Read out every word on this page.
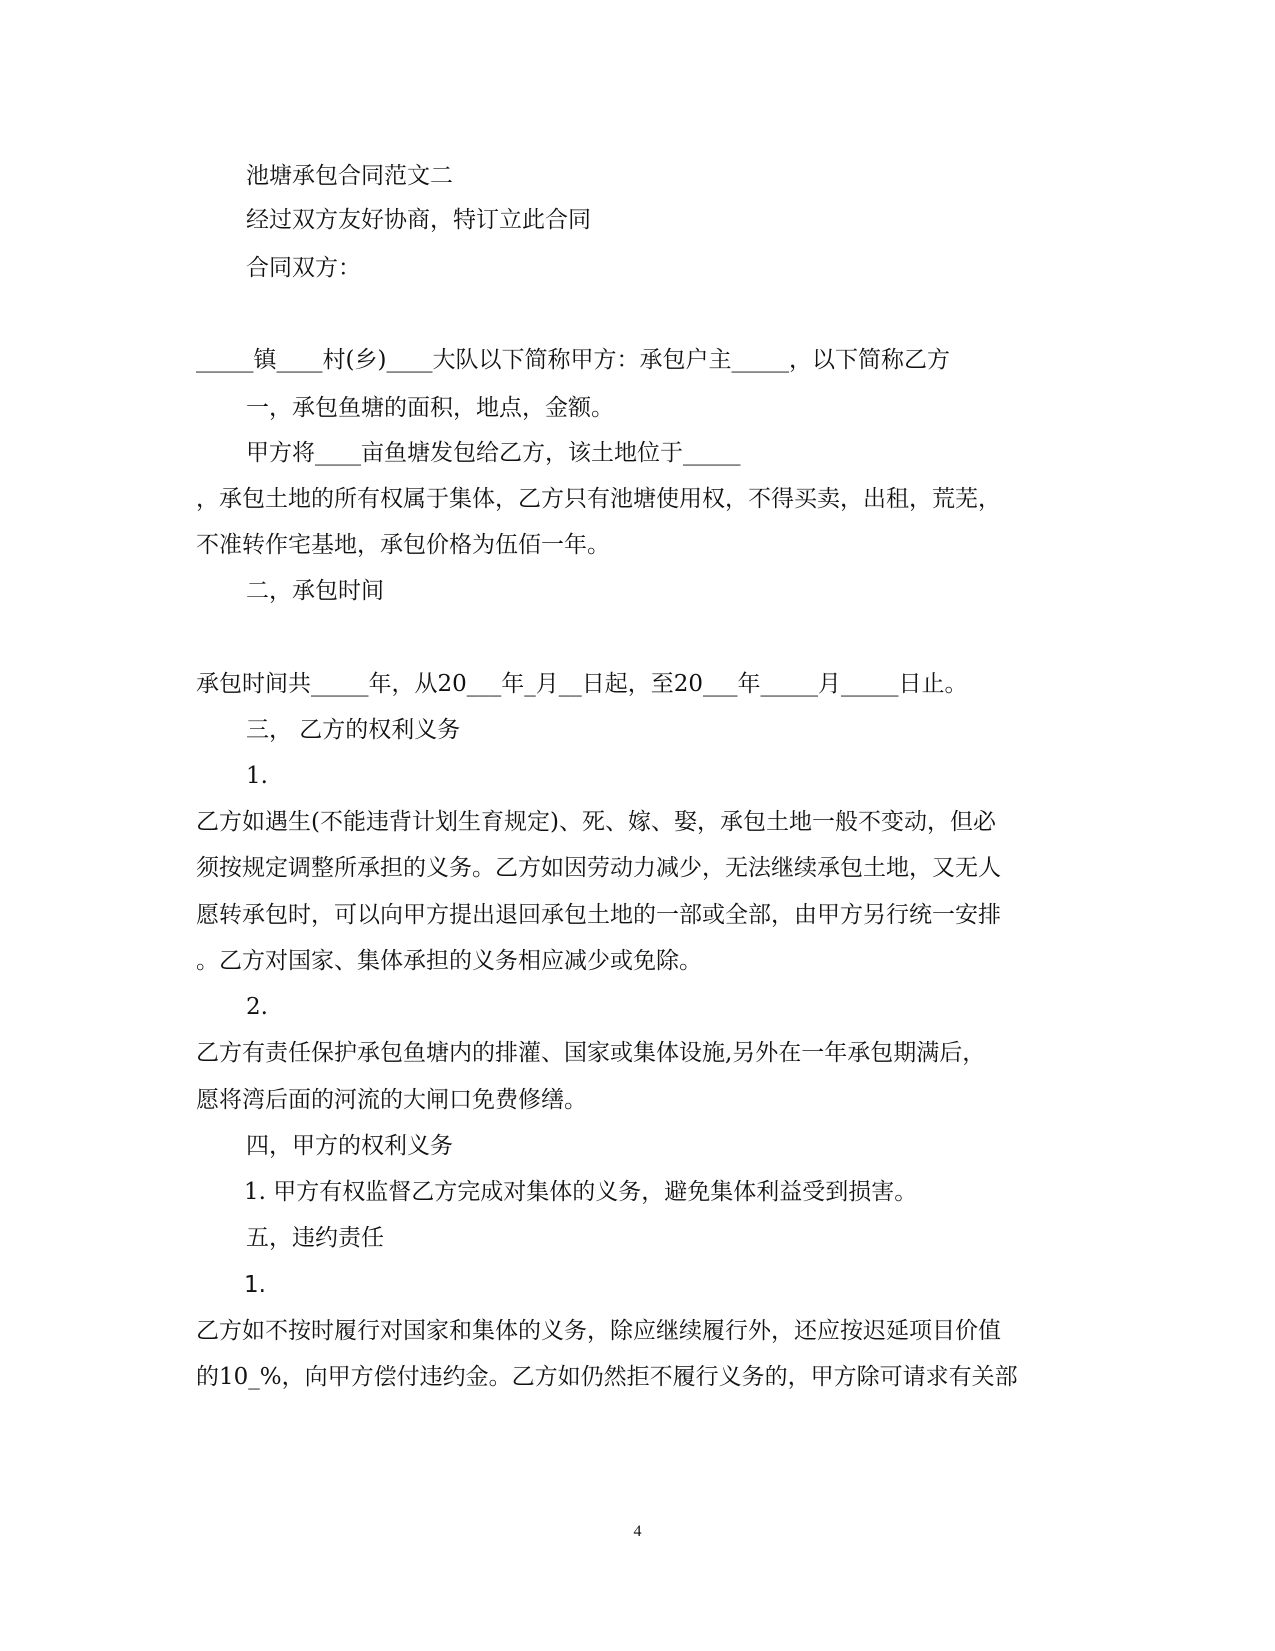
池塘承包合同范文二
经过双方友好协商，特订立此合同
合同双方：
_____镇____村(乡)____大队以下简称甲方：承包户主_____，以下简称乙方
一，承包鱼塘的面积，地点，金额。
甲方将____亩鱼塘发包给乙方，该土地位于_____
，承包土地的所有权属于集体，乙方只有池塘使用权，不得买卖，出租，荒芜，
不准转作宅基地，承包价格为伍佰一年。
二，承包时间
承包时间共_____年，从20___年_月__日起，至20___年_____月_____日止。
三， 乙方的权利义务
1.
乙方如遇生(不能违背计划生育规定)、死、嫁、娶，承包土地一般不变动，但必
须按规定调整所承担的义务。乙方如因劳动力减少，无法继续承包土地，又无人
愿转承包时，可以向甲方提出退回承包土地的一部或全部，由甲方另行统一安排
。乙方对国家、集体承担的义务相应减少或免除。
2.
乙方有责任保护承包鱼塘内的排灌、国家或集体设施,另外在一年承包期满后，
愿将湾后面的河流的大闸口免费修缮。
四，甲方的权利义务
1. 甲方有权监督乙方完成对集体的义务，避免集体利益受到损害。
五，违约责任
1.
乙方如不按时履行对国家和集体的义务，除应继续履行外，还应按迟延项目价值
的10_%，向甲方偿付违约金。乙方如仍然拒不履行义务的，甲方除可请求有关部
4
